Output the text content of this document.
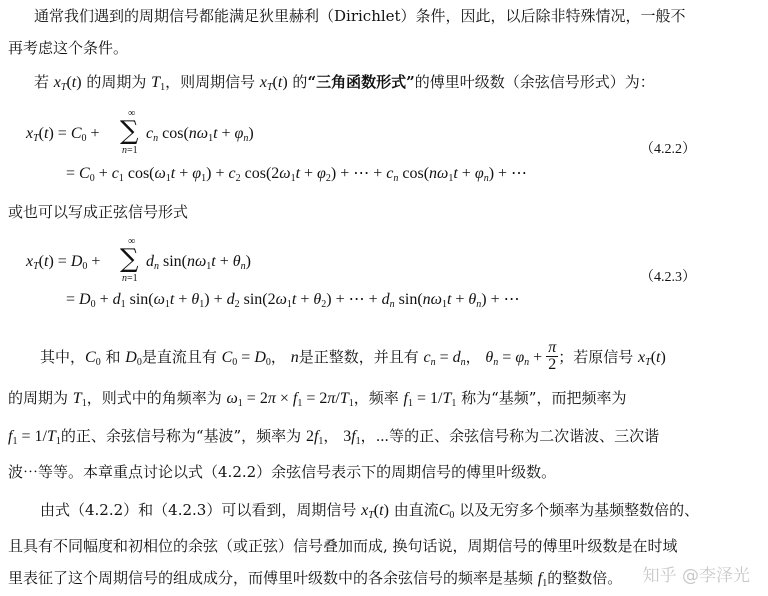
通常我们遇到的周期信号都能满足狄里赫利（Dirichlet）条件，因此，以后除非特殊情况，一般不
再考虑这个条件。
若 $x_T(t)$ 的周期为 $T_1$，则周期信号 $x_T(t)$ 的“三角函数形式”的傅里叶级数（余弦信号形式）为：
∞
∑
n=1
$x_T(t) = C_0$ +	$c_n$ $\cos(n\omega_1t + \varphi_n)$
= $C_0 + c_1$ $\cos(\omega_1t + \varphi_1) + c_2$ $\cos(2\omega_1t + \varphi_2)$ + ⋯ + $c_n$ $\cos(n\omega_1t + \varphi_n)$ + ⋯
（4.2.2）
或也可以写成正弦信号形式
∞
∑
n=1
$x_T(t) = D_0$ +	$d_n$ $\sin(n\omega_1t + \theta_n)$
= $D_0 + d_1$ $\sin(\omega_1t + \theta_1) + d_2$ $\sin(2\omega_1t + \theta_2)$ + ⋯ + $d_n$ $\sin(n\omega_1t + \theta_n)$ + ⋯
（4.2.3）
其中，$C_0$ 和 $D_0$是直流且有 $C_0 = D_0$， n是正整数，并且有 $c_n = d_n$， $\theta_n = \varphi_n + \frac{\pi}{2}$ ；若原信号 $x_T(t)$
的周期为 $T_1$，则式中的角频率为 $\omega_1 = 2\pi \times f_1 = 2\pi/T_1$，频率 $f_1 = 1/T_1$ 称为“基频”，而把频率为
$f_1 = 1/T_1$的正、余弦信号称为“基波”，频率为 $2f_1$， $3f_1$，⋯等的正、余弦信号称为二次谐波、三次谐
波⋯等等。本章重点讨论以式（4.2.2）余弦信号表示下的周期信号的傅里叶级数。
由式（4.2.2）和（4.2.3）可以看到，周期信号 $x_T(t)$ 由直流$C_0$ 以及无穷多个频率为基频整数倍的、
且具有不同幅度和初相位的余弦（或正弦）信号叠加而成, 换句话说，周期信号的傅里叶级数是在时域
里表征了这个周期信号的组成成分，而傅里叶级数中的各余弦信号的频率是基频 $f_1$的整数倍。 知乎 @李泽光
